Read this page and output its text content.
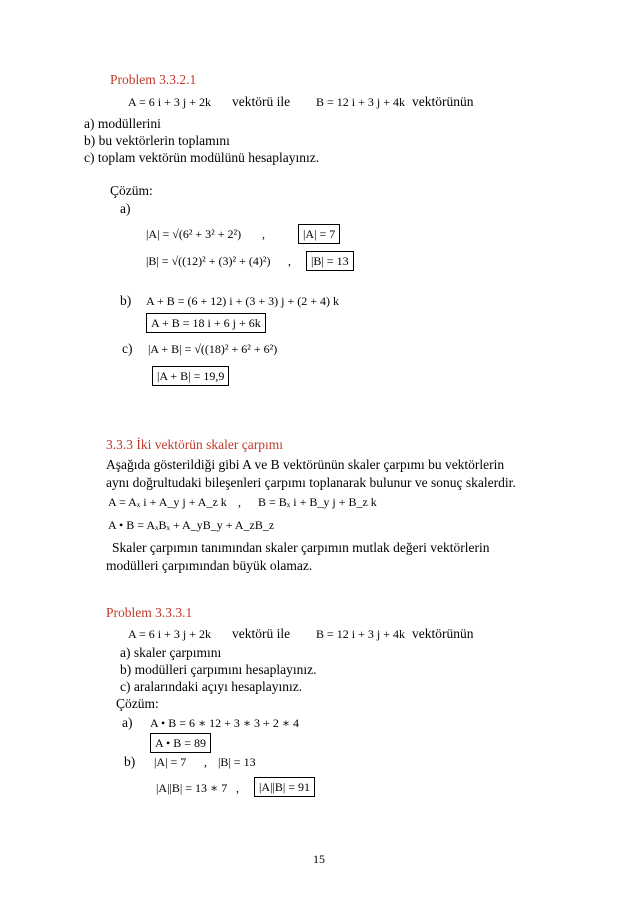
Problem 3.3.2.1
A = 6 i + 3 j + 2k vektörü ile B = 12 i + 3 j + 4k vektörünün
a) modüllerini
b) bu vektörlerin toplamını
c) toplam vektörün modülünü hesaplayınız.
Çözüm:
a)
|A| = √(6² + 3² + 2²) ,	|A| = 7
|B| = √((12)² + (3)² + (4)²) ,	|B| = 13
b) A + B = (6 + 12) i + (3 + 3) j + (2 + 4) k
A + B = 18 i + 6 j + 6k
c) |A + B| = √((18)² + 6² + 6²)
|A + B| = 19,9
3.3.3 İki vektörün skaler çarpımı
Aşağıda gösterildiği gibi A ve B vektörünün skaler çarpımı bu vektörlerin
aynı doğrultudaki bileşenleri çarpımı toplanarak bulunur ve sonuç skalerdir.
A = Aₓ i + A_y j + A_z k , B = Bₓ i + B_y j + B_z k
A • B = AₓBₓ + A_yB_y + A_zB_z
Skaler çarpımın tanımından skaler çarpımın mutlak değeri vektörlerin
modülleri çarpımından büyük olamaz.
Problem 3.3.3.1
A = 6 i + 3 j + 2k vektörü ile B = 12 i + 3 j + 4k vektörünün
a) skaler çarpımını
b) modülleri çarpımını hesaplayınız.
c) aralarındaki açıyı hesaplayınız.
Çözüm:
a) A • B = 6 ∗ 12 + 3 ∗ 3 + 2 ∗ 4
A • B = 89
b) |A| = 7 , |B| = 13
|A||B| = 13 ∗ 7 ,	|A||B| = 91
15
